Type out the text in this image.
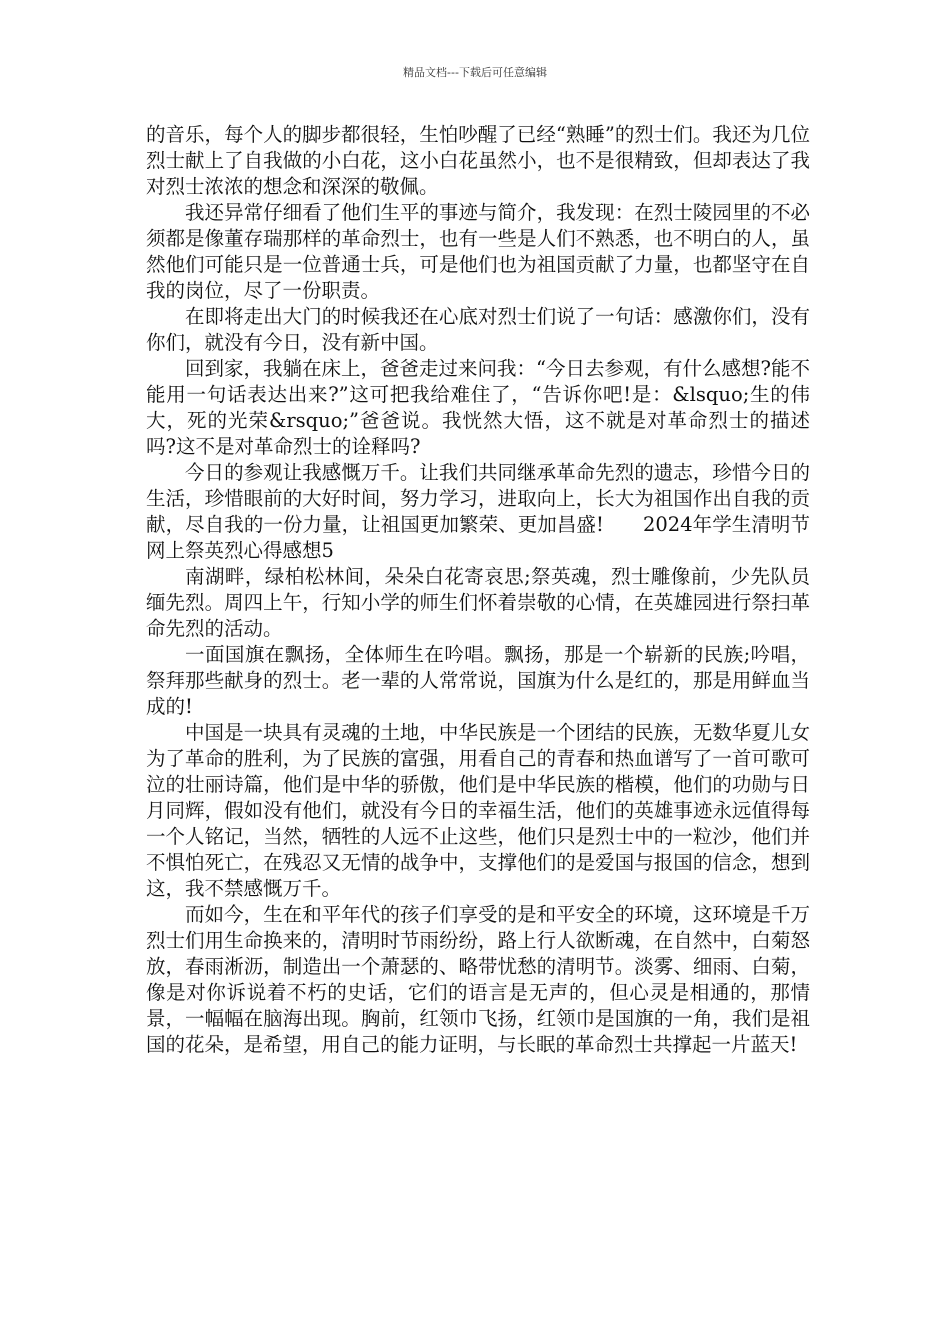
精品文档---下载后可任意编辑

的音乐，每个人的脚步都很轻，生怕吵醒了已经“熟睡”的烈士们。我还为几位烈士献上了自我做的小白花，这小白花虽然小，也不是很精致，但却表达了我对烈士浓浓的想念和深深的敬佩。

我还异常仔细看了他们生平的事迹与简介，我发现：在烈士陵园里的不必须都是像董存瑞那样的革命烈士，也有一些是人们不熟悉，也不明白的人，虽然他们可能只是一位普通士兵，可是他们也为祖国贡献了力量，也都坚守在自我的岗位，尽了一份职责。

在即将走出大门的时候我还在心底对烈士们说了一句话：感激你们，没有你们，就没有今日，没有新中国。

回到家，我躺在床上，爸爸走过来问我：“今日去参观，有什么感想?能不能用一句话表达出来?”这可把我给难住了，“告诉你吧!是：&lsquo;生的伟大，死的光荣&rsquo;”爸爸说。我恍然大悟，这不就是对革命烈士的描述吗?这不是对革命烈士的诠释吗?

今日的参观让我感慨万千。让我们共同继承革命先烈的遗志，珍惜今日的生活，珍惜眼前的大好时间，努力学习，进取向上，长大为祖国作出自我的贡献，尽自我的一份力量，让祖国更加繁荣、更加昌盛!　　2024年学生清明节网上祭英烈心得感想5

南湖畔，绿柏松林间，朵朵白花寄哀思;祭英魂，烈士雕像前，少先队员缅先烈。周四上午，行知小学的师生们怀着崇敬的心情，在英雄园进行祭扫革命先烈的活动。

一面国旗在飘扬，全体师生在吟唱。飘扬，那是一个崭新的民族;吟唱，祭拜那些献身的烈士。老一辈的人常常说，国旗为什么是红的，那是用鲜血当成的!

中国是一块具有灵魂的土地，中华民族是一个团结的民族，无数华夏儿女为了革命的胜利，为了民族的富强，用看自己的青春和热血谱写了一首可歌可泣的壮丽诗篇，他们是中华的骄傲，他们是中华民族的楷模，他们的功勋与日月同辉，假如没有他们，就没有今日的幸福生活，他们的英雄事迹永远值得每一个人铭记，当然，牺牲的人远不止这些，他们只是烈士中的一粒沙，他们并不惧怕死亡，在残忍又无情的战争中，支撑他们的是爱国与报国的信念，想到这，我不禁感慨万千。

而如今，生在和平年代的孩子们享受的是和平安全的环境，这环境是千万烈士们用生命换来的，清明时节雨纷纷，路上行人欲断魂，在自然中，白菊怒放，春雨淅沥，制造出一个萧瑟的、略带忧愁的清明节。淡雾、细雨、白菊，像是对你诉说着不朽的史话，它们的语言是无声的，但心灵是相通的，那情景，一幅幅在脑海出现。胸前，红领巾飞扬，红领巾是国旗的一角，我们是祖国的花朵，是希望，用自己的能力证明，与长眠的革命烈士共撑起一片蓝天!
